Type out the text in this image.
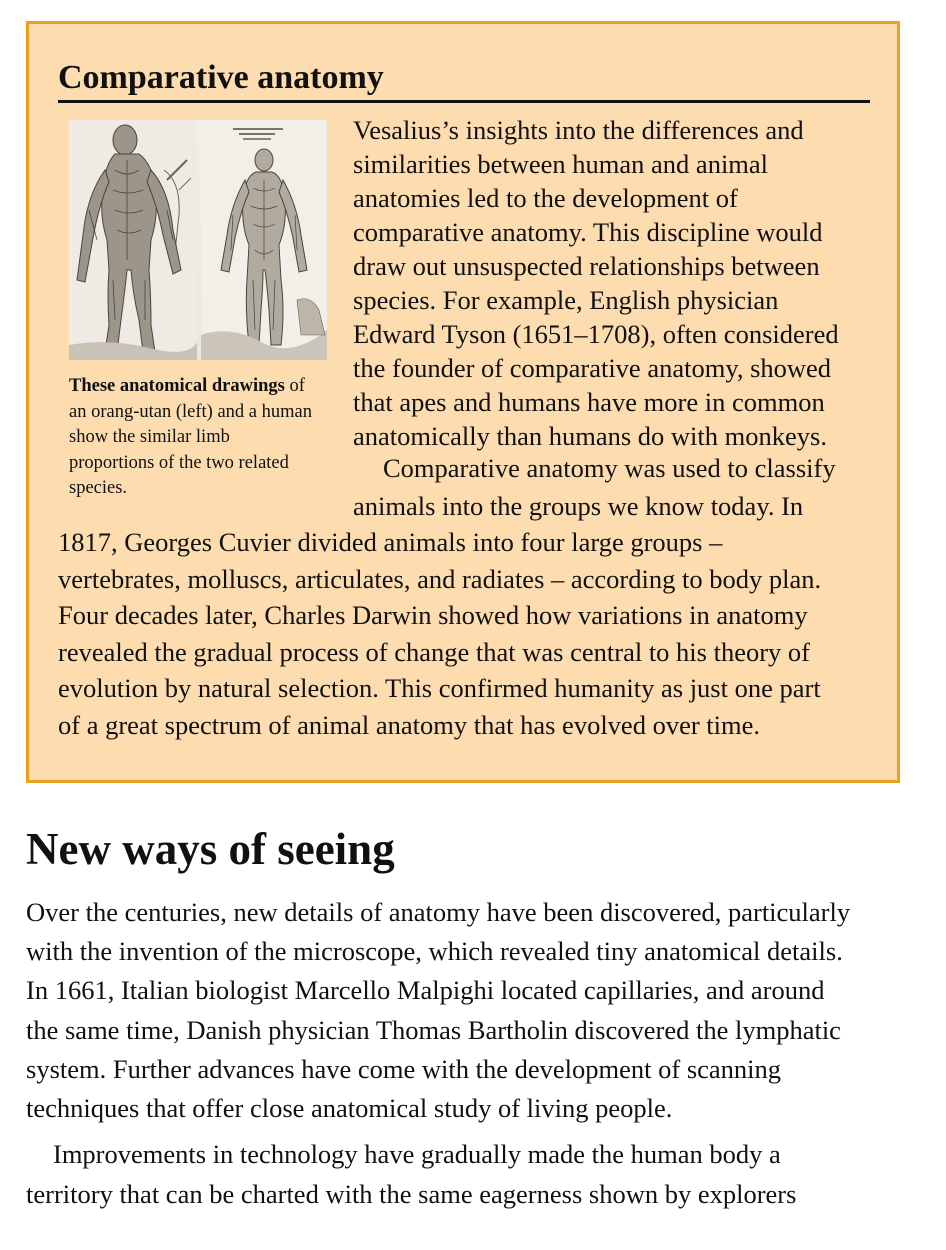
Comparative anatomy
These anatomical drawings of an orang-utan (left) and a human show the similar limb proportions of the two related species.
Vesalius’s insights into the differences and
similarities between human and animal
anatomies led to the development of
comparative anatomy. This discipline would
draw out unsuspected relationships between
species. For example, English physician
Edward Tyson (1651–1708), often considered
the founder of comparative anatomy, showed
that apes and humans have more in common
anatomically than humans do with monkeys.
Comparative anatomy was used to classify
animals into the groups we know today. In
1817, Georges Cuvier divided animals into four large groups –
vertebrates, molluscs, articulates, and radiates – according to body plan.
Four decades later, Charles Darwin showed how variations in anatomy
revealed the gradual process of change that was central to his theory of
evolution by natural selection. This confirmed humanity as just one part
of a great spectrum of animal anatomy that has evolved over time.
New ways of seeing
Over the centuries, new details of anatomy have been discovered, particularly
with the invention of the microscope, which revealed tiny anatomical details.
In 1661, Italian biologist Marcello Malpighi located capillaries, and around
the same time, Danish physician Thomas Bartholin discovered the lymphatic
system. Further advances have come with the development of scanning
techniques that offer close anatomical study of living people.
Improvements in technology have gradually made the human body a
territory that can be charted with the same eagerness shown by explorers
